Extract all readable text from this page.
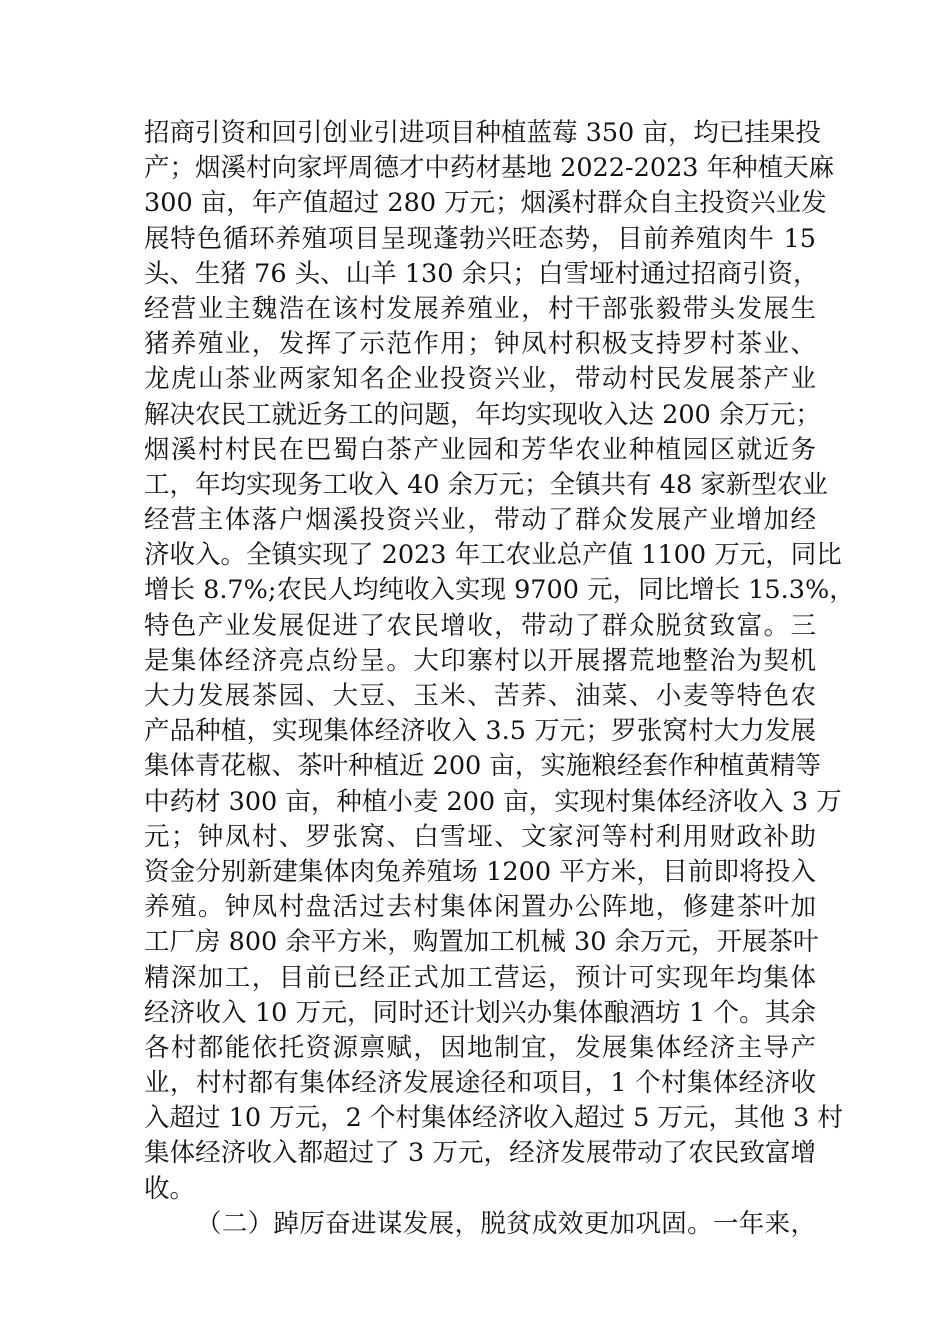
招商引资和回引创业引进项目种植蓝莓 350 亩，均已挂果投
产；烟溪村向家坪周德才中药材基地 2022-2023 年种植天麻
300 亩，年产值超过 280 万元；烟溪村群众自主投资兴业发
展特色循环养殖项目呈现蓬勃兴旺态势，目前养殖肉牛 15
头、生猪 76 头、山羊 130 余只；白雪垭村通过招商引资，
经营业主魏浩在该村发展养殖业，村干部张毅带头发展生
猪养殖业，发挥了示范作用；钟凤村积极支持罗村茶业、
龙虎山茶业两家知名企业投资兴业，带动村民发展茶产业
解决农民工就近务工的问题，年均实现收入达 200 余万元；
烟溪村村民在巴蜀白茶产业园和芳华农业种植园区就近务
工，年均实现务工收入 40 余万元；全镇共有 48 家新型农业
经营主体落户烟溪投资兴业，带动了群众发展产业增加经
济收入。全镇实现了 2023 年工农业总产值 1100 万元，同比
增长 8.7%;农民人均纯收入实现 9700 元，同比增长 15.3%，
特色产业发展促进了农民增收，带动了群众脱贫致富。三
是集体经济亮点纷呈。大印寨村以开展撂荒地整治为契机
大力发展茶园、大豆、玉米、苦荞、油菜、小麦等特色农
产品种植，实现集体经济收入 3.5 万元；罗张窝村大力发展
集体青花椒、茶叶种植近 200 亩，实施粮经套作种植黄精等
中药材 300 亩，种植小麦 200 亩，实现村集体经济收入 3 万
元；钟凤村、罗张窝、白雪垭、文家河等村利用财政补助
资金分别新建集体肉兔养殖场 1200 平方米，目前即将投入
养殖。钟凤村盘活过去村集体闲置办公阵地，修建茶叶加
工厂房 800 余平方米，购置加工机械 30 余万元，开展茶叶
精深加工，目前已经正式加工营运，预计可实现年均集体
经济收入 10 万元，同时还计划兴办集体酿酒坊 1 个。其余
各村都能依托资源禀赋，因地制宜，发展集体经济主导产
业，村村都有集体经济发展途径和项目，1 个村集体经济收
入超过 10 万元，2 个村集体经济收入超过 5 万元，其他 3 村
集体经济收入都超过了 3 万元，经济发展带动了农民致富增
收。
（二）踔厉奋进谋发展，脱贫成效更加巩固。一年来，
